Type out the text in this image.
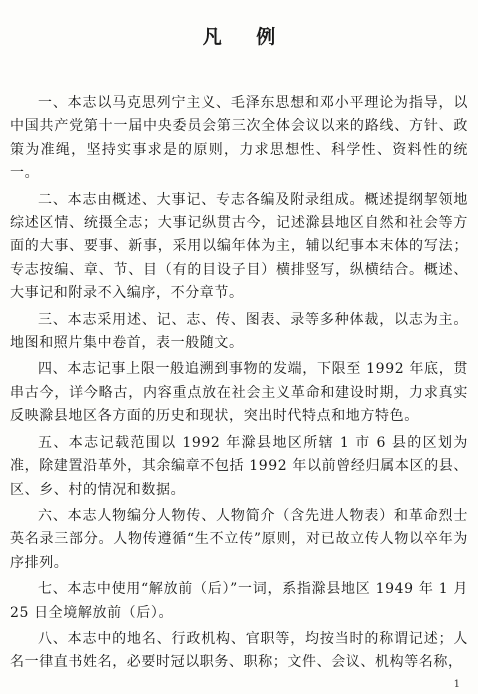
凡 例

一、本志以马克思列宁主义、毛泽东思想和邓小平理论为指导，以中国共产党第十一届中央委员会第三次全体会议以来的路线、方针、政策为准绳，坚持实事求是的原则，力求思想性、科学性、资料性的统一。

二、本志由概述、大事记、专志各编及附录组成。概述提纲挈领地综述区情、统摄全志；大事记纵贯古今，记述滁县地区自然和社会等方面的大事、要事、新事，采用以编年体为主，辅以纪事本末体的写法；专志按编、章、节、目（有的目设子目）横排竖写，纵横结合。概述、大事记和附录不入编序，不分章节。

三、本志采用述、记、志、传、图表、录等多种体裁，以志为主。地图和照片集中卷首，表一般随文。

四、本志记事上限一般追溯到事物的发端，下限至 1992 年底，贯串古今，详今略古，内容重点放在社会主义革命和建设时期，力求真实反映滁县地区各方面的历史和现状，突出时代特点和地方特色。

五、本志记载范围以 1992 年滁县地区所辖 1 市 6 县的区划为准，除建置沿革外，其余编章不包括 1992 年以前曾经归属本区的县、区、乡、村的情况和数据。

六、本志人物编分人物传、人物简介（含先进人物表）和革命烈士英名录三部分。人物传遵循“生不立传”原则，对已故立传人物以卒年为序排列。

七、本志中使用“解放前（后）”一词，系指滁县地区 1949 年 1 月 25 日全境解放前（后）。

八、本志中的地名、行政机构、官职等，均按当时的称谓记述；人名一律直书姓名，必要时冠以职务、职称；文件、会议、机构等名称，

1
